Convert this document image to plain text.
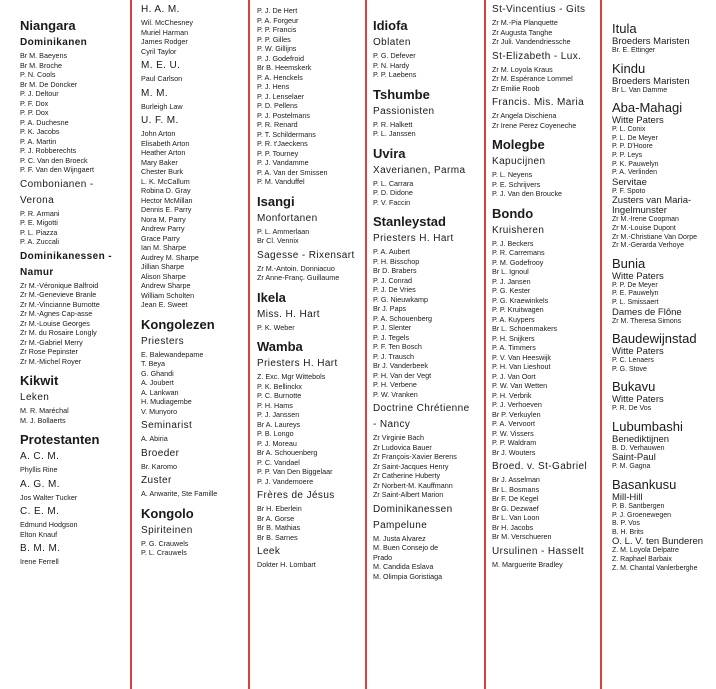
Niangara
Dominikanen
Br M. Baeyens
Br M. Broche
P. N. Cools
Br M. De Doncker
P. J. Deltour
P. F. Dox
P. P. Dox
P. A. Duchesne
P. K. Jacobs
P. A. Martin
P. J. Robberechts
P. C. Van den Broeck
P. F. Van den Wijngaert
Combonianen -
Verona
P. R. Armani
P. E. Migotti
P. L. Piazza
P. A. Zuccali
Dominikanessen -
Namur
Zr M.-Véronique Balfroid
Zr M.-Genevieve Branle
Zr M.-Vincianne Burnotte
Zr M.-Agnes Cap-asse
Zr M.-Louise Georges
Zr M. du Rosaire Longly
Zr M.-Gabriel Merry
Zr Rose Pepinster
Zr M.-Michel Royer
Kikwit
Leken
M. R. Maréchal
M. J. Bollaerts
Protestanten
A. C. M.
Phyllis Rine
A. G. M.
Jos Walter Tucker
C. E. M.
Edmund Hodgson
Elton Knauf
B. M. M.
Irene Ferrell
H. A. M.
Wil. McChesney
Muriel Harman
James Rodger
Cyril Taylor
M. E. U.
Paul Carlson
M. M.
Burleigh Law
U. F. M.
John Arton
Elisabeth Arton
Heather Arton
Mary Baker
Chester Burk
L. K. McCallum
Robina D. Gray
Hector McMillan
Dennis E. Parry
Nora M. Parry
Andrew Parry
Grace Parry
Ian M. Sharpe
Audrey M. Sharpe
Jillian Sharpe
Alison Sharpe
Andrew Sharpe
William Scholten
Jean E. Sweet
Kongolezen
Priesters
E. Balewandepame
T. Beya
G. Ghandi
A. Joubert
A. Lankwan
H. Mudiagembe
V. Munyoro
Seminarist
A. Abiria
Broeder
Br. Karomo
Zuster
A. Anwarite, Ste Famille
Kongolo
Spiriteinen
P. G. Crauwels
P. L. Crauwels
P. J. De Hert
P. A. Forgeur
P. P. Francis
P. P. Gilles
P. W. Gillijns
P. J. Godefroid
Br B. Heemskerk
P. A. Henckels
P. J. Hens
P. J. Lenselaer
P. D. Pellens
P. J. Postelmans
P. R. Renard
P. T. Schildermans
P. R. t'Jaeckens
P. P. Tourney
P. J. Vandamme
P. A. Van der Smissen
P. M. Vanduffel
Isangi
Monfortanen
P. L. Ammerlaan
Br Cl. Vennix
Sagesse - Rixensart
Zr M.-Antoin. Donniacuo
Zr Anne-Franç. Guillaume
Ikela
Miss. H. Hart
P. K. Weber
Wamba
Priesters H. Hart
Z. Exc. Mgr Wittebols
P. K. Bellinckx
P. C. Burnotte
P. H. Hams
P. J. Janssen
Br A. Laureys
P. B. Longo
P. J. Moreau
Br A. Schouenberg
P. C. Vandael
P. P. Van Den Biggelaar
P. J. Vandemoere
Frères de Jésus
Br H. Eberlein
Br A. Gorse
Br B. Mathias
Br B. Sarnes
Leek
Dokter H. Lombart
Idiofa
Oblaten
P. G. Defever
P. N. Hardy
P. P. Laebens
Tshumbe
Passionisten
P. R. Halkett
P. L. Janssen
Uvira
Xaverianen, Parma
P. L. Carrara
P. D. Didone
P. V. Faccin
Stanleystad
Priesters H. Hart
P. A. Aubert
P. H. Bisschop
Br D. Brabers
P. J. Conrad
P. J. De Vries
P. G. Nieuwkamp
Br J. Paps
P. A. Schouenberg
P. J. Slenter
P. J. Tegels
P. F. Ten Bosch
P. J. Trausch
Br J. Vanderbeek
P. H. Van der Vegt
P. H. Verbene
P. W. Vranken
Doctrine Chrétienne
- Nancy
Zr Virginie Bach
Zr Ludovica Bauer
Zr François-Xavier Berens
Zr Saint-Jacques Henry
Zr Catherine Huberty
Zr Norbert-M. Kauffmann
Zr Saint-Albert Marion
Dominikanessen
Pampelune
M. Justa Alvarez
M. Buen Consejo de
Prado
M. Candida Eslava
M. Olimpia Goristiaga
St-Vincentius - Gits
Zr M.-Pia Planquette
Zr Augusta Tanghe
Zr Juli. Vandendriessche
St-Elizabeth - Lux.
Zr M. Loyola Kraus
Zr M. Espérance Lommel
Zr Emilie Roob
Francis. Mis. Maria
Zr Angela Dischiena
Zr Irene Perez Coyeneche
Molegbe
Kapucijnen
P. L. Neyens
P. E. Schrijvers
P. J. Van den Broucke
Bondo
Kruisheren
P. J. Beckers
P. R. Carremans
P. M. Godefrooy
Br L. Ignoul
P. J. Jansen
P. G. Kester
P. G. Kraewinkels
P. P. Kruitwagen
P. A. Kuypers
Br L. Schoenmakers
P. H. Snijkers
P. A. Timmers
P. V. Van Heeswijk
P. H. Van Lieshout
P. J. Van Oort
P. W. Van Wetten
P. H. Verbrik
P. J. Verhoeven
Br P. Verkuylen
P. A. Vervoort
P. W. Vissers
P. P. Waldram
Br J. Wouters
Broed. v. St-Gabriel
Br J. Asselman
Br L. Bosmans
Br F. De Kegel
Br G. Dezwaef
Br L. Van Loon
Br H. Jacobs
Br M. Verschueren
Ursulinen - Hasselt
M. Marguerite Bradley
Itula
Broeders Maristen
Br. E. Ettinger
Kindu
Broeders Maristen
Br L. Van Damme
Aba-Mahagi
Witte Paters
P. L. Conix
P. L. De Meyer
P. P. D'Hoore
P. P. Leys
P. K. Pauwelyn
P. A. Verlinden
Servitae
P. F. Spoto
Zusters van Maria-
Ingelmunster
Zr M.-Irene Coopman
Zr M.-Louise Dupont
Zr M.-Christiane Van Dorpe
Zr M.-Gerarda Verhoye
Bunia
Witte Paters
P. P. De Meyer
P. E. Pauwelyn
P. L. Smissaert
Dames de Flône
Zr M. Theresa Simons
Baudewijnstad
Witte Paters
P. C. Lenaers
P. G. Stove
Bukavu
Witte Paters
P. R. De Vos
Lubumbashi
Benediktijnen
B. D. Verhauwen
Saint-Paul
P. M. Gagna
Basankusu
Mill-Hill
P. B. Santbergen
P. J. Groenewegen
B. P. Vos
B. H. Brits
O. L. V. ten Bunderen
Z. M. Loyola Delpatre
Z. Raphael Barbaix
Z. M. Chantal Vanlerberghe
